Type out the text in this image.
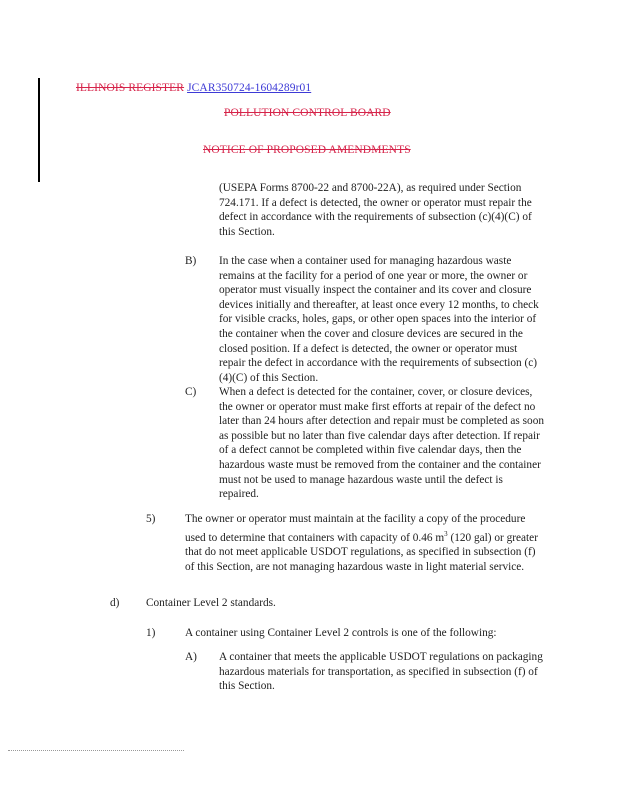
ILLINOIS REGISTER JCAR350724-1604289r01
POLLUTION CONTROL BOARD
NOTICE OF PROPOSED AMENDMENTS
(USEPA Forms 8700-22 and 8700-22A), as required under Section 724.171. If a defect is detected, the owner or operator must repair the defect in accordance with the requirements of subsection (c)(4)(C) of this Section.
B) In the case when a container used for managing hazardous waste remains at the facility for a period of one year or more, the owner or operator must visually inspect the container and its cover and closure devices initially and thereafter, at least once every 12 months, to check for visible cracks, holes, gaps, or other open spaces into the interior of the container when the cover and closure devices are secured in the closed position. If a defect is detected, the owner or operator must repair the defect in accordance with the requirements of subsection (c)(4)(C) of this Section.
C) When a defect is detected for the container, cover, or closure devices, the owner or operator must make first efforts at repair of the defect no later than 24 hours after detection and repair must be completed as soon as possible but no later than five calendar days after detection. If repair of a defect cannot be completed within five calendar days, then the hazardous waste must be removed from the container and the container must not be used to manage hazardous waste until the defect is repaired.
5)	The owner or operator must maintain at the facility a copy of the procedure used to determine that containers with capacity of 0.46 $m^3$ (120 gal) or greater that do not meet applicable USDOT regulations, as specified in subsection (f) of this Section, are not managing hazardous waste in light material service.
d) Container Level 2 standards.
1)	A container using Container Level 2 controls is one of the following:
A) A container that meets the applicable USDOT regulations on packaging hazardous materials for transportation, as specified in subsection (f) of this Section.
